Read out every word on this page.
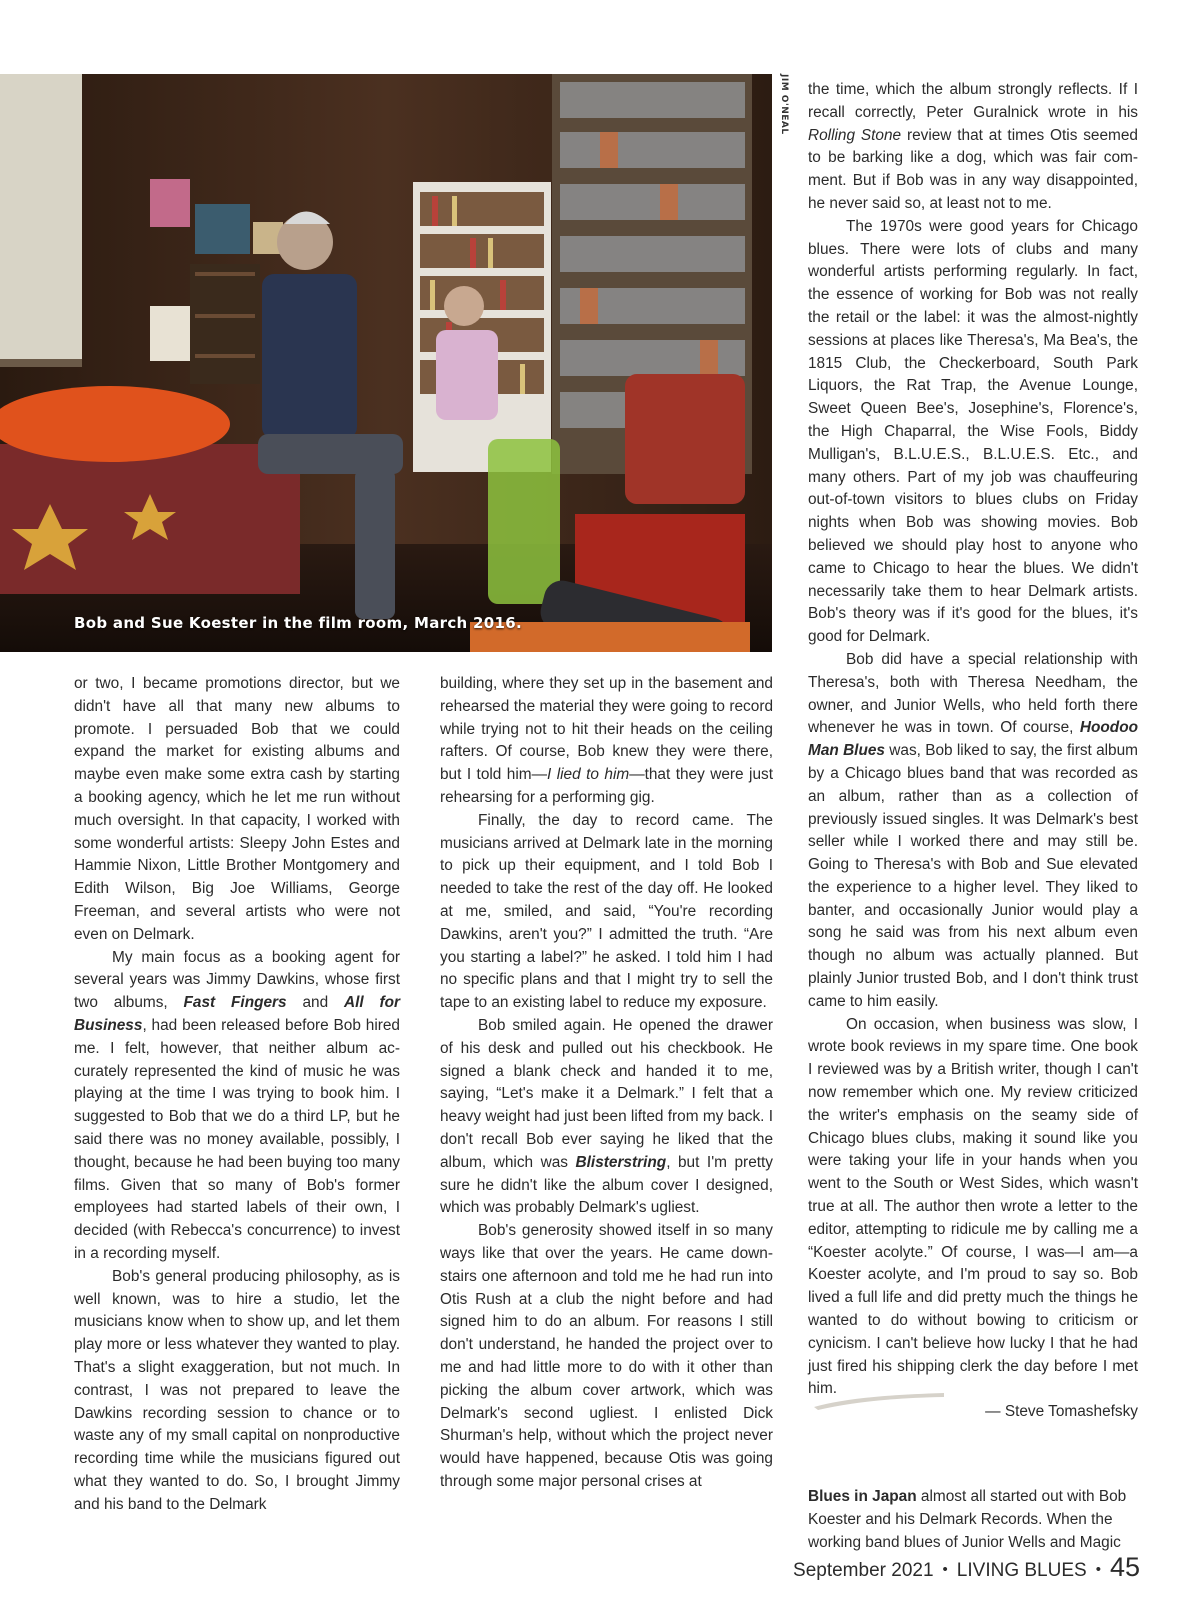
Bob and Sue Koester in the film room, March 2016.
JIM O'NEAL

or two, I became promotions director, but we didn't have all that many new albums to promote. I persuaded Bob that we could expand the market for existing albums and maybe even make some extra cash by starting a booking agency, which he let me run without much oversight. In that capacity, I worked with some wonderful artists: Sleepy John Estes and Hammie Nixon, Little Brother Montgomery and Edith Wilson, Big Joe Williams, George Freeman, and several artists who were not even on Delmark.

My main focus as a booking agent for several years was Jimmy Dawkins, whose first two albums, Fast Fingers and All for Business, had been released before Bob hired me. I felt, however, that neither album accurately represented the kind of music he was playing at the time I was trying to book him. I suggested to Bob that we do a third LP, but he said there was no money available, possibly, I thought, because he had been buying too many films. Given that so many of Bob's former employees had started labels of their own, I decided (with Rebecca's concurrence) to invest in a recording myself.

Bob's general producing philosophy, as is well known, was to hire a studio, let the musicians know when to show up, and let them play more or less whatever they wanted to play. That's a slight exaggeration, but not much. In contrast, I was not prepared to leave the Dawkins recording session to chance or to waste any of my small capital on nonproductive recording time while the musicians figured out what they wanted to do. So, I brought Jimmy and his band to the Delmark

building, where they set up in the basement and rehearsed the material they were going to record while trying not to hit their heads on the ceiling rafters. Of course, Bob knew they were there, but I told him—I lied to him—that they were just rehearsing for a performing gig.

Finally, the day to record came. The musicians arrived at Delmark late in the morning to pick up their equipment, and I told Bob I needed to take the rest of the day off. He looked at me, smiled, and said, “You're recording Dawkins, aren't you?” I admitted the truth. “Are you starting a label?” he asked. I told him I had no specific plans and that I might try to sell the tape to an existing label to reduce my exposure.

Bob smiled again. He opened the drawer of his desk and pulled out his checkbook. He signed a blank check and handed it to me, saying, “Let's make it a Delmark.” I felt that a heavy weight had just been lifted from my back. I don't recall Bob ever saying he liked that the album, which was Blisterstring, but I'm pretty sure he didn't like the album cover I designed, which was probably Delmark's ugliest.

Bob's generosity showed itself in so many ways like that over the years. He came downstairs one afternoon and told me he had run into Otis Rush at a club the night before and had signed him to do an album. For reasons I still don't understand, he handed the project over to me and had little more to do with it other than picking the album cover artwork, which was Delmark's second ugliest. I enlisted Dick Shurman's help, without which the project never would have happened, because Otis was going through some major personal crises at

the time, which the album strongly reflects. If I recall correctly, Peter Guralnick wrote in his Rolling Stone review that at times Otis seemed to be barking like a dog, which was fair comment. But if Bob was in any way disappointed, he never said so, at least not to me.

The 1970s were good years for Chicago blues. There were lots of clubs and many wonderful artists performing regularly. In fact, the essence of working for Bob was not really the retail or the label: it was the almost-nightly sessions at places like Theresa's, Ma Bea's, the 1815 Club, the Checkerboard, South Park Liquors, the Rat Trap, the Avenue Lounge, Sweet Queen Bee's, Josephine's, Florence's, the High Chaparral, the Wise Fools, Biddy Mulligan's, B.L.U.E.S., B.L.U.E.S. Etc., and many others. Part of my job was chauffeuring out-of-town visitors to blues clubs on Friday nights when Bob was showing movies. Bob believed we should play host to anyone who came to Chicago to hear the blues. We didn't necessarily take them to hear Delmark artists. Bob's theory was if it's good for the blues, it's good for Delmark.

Bob did have a special relationship with Theresa's, both with Theresa Needham, the owner, and Junior Wells, who held forth there whenever he was in town. Of course, Hoodoo Man Blues was, Bob liked to say, the first album by a Chicago blues band that was recorded as an album, rather than as a collection of previously issued singles. It was Delmark's best seller while I worked there and may still be. Going to Theresa's with Bob and Sue elevated the experience to a higher level. They liked to banter, and occasionally Junior would play a song he said was from his next album even though no album was actually planned. But plainly Junior trusted Bob, and I don't think trust came to him easily.

On occasion, when business was slow, I wrote book reviews in my spare time. One book I reviewed was by a British writer, though I can't now remember which one. My review criticized the writer's emphasis on the seamy side of Chicago blues clubs, making it sound like you were taking your life in your hands when you went to the South or West Sides, which wasn't true at all. The author then wrote a letter to the editor, attempting to ridicule me by calling me a “Koester acolyte.” Of course, I was—I am—a Koester acolyte, and I'm proud to say so. Bob lived a full life and did pretty much the things he wanted to do without bowing to criticism or cynicism. I can't believe how lucky I that he had just fired his shipping clerk the day before I met him.

— Steve Tomashefsky

Blues in Japan almost all started out with Bob Koester and his Delmark Records. When the working band blues of Junior Wells and Magic

September 2021 • LIVING BLUES • 45
